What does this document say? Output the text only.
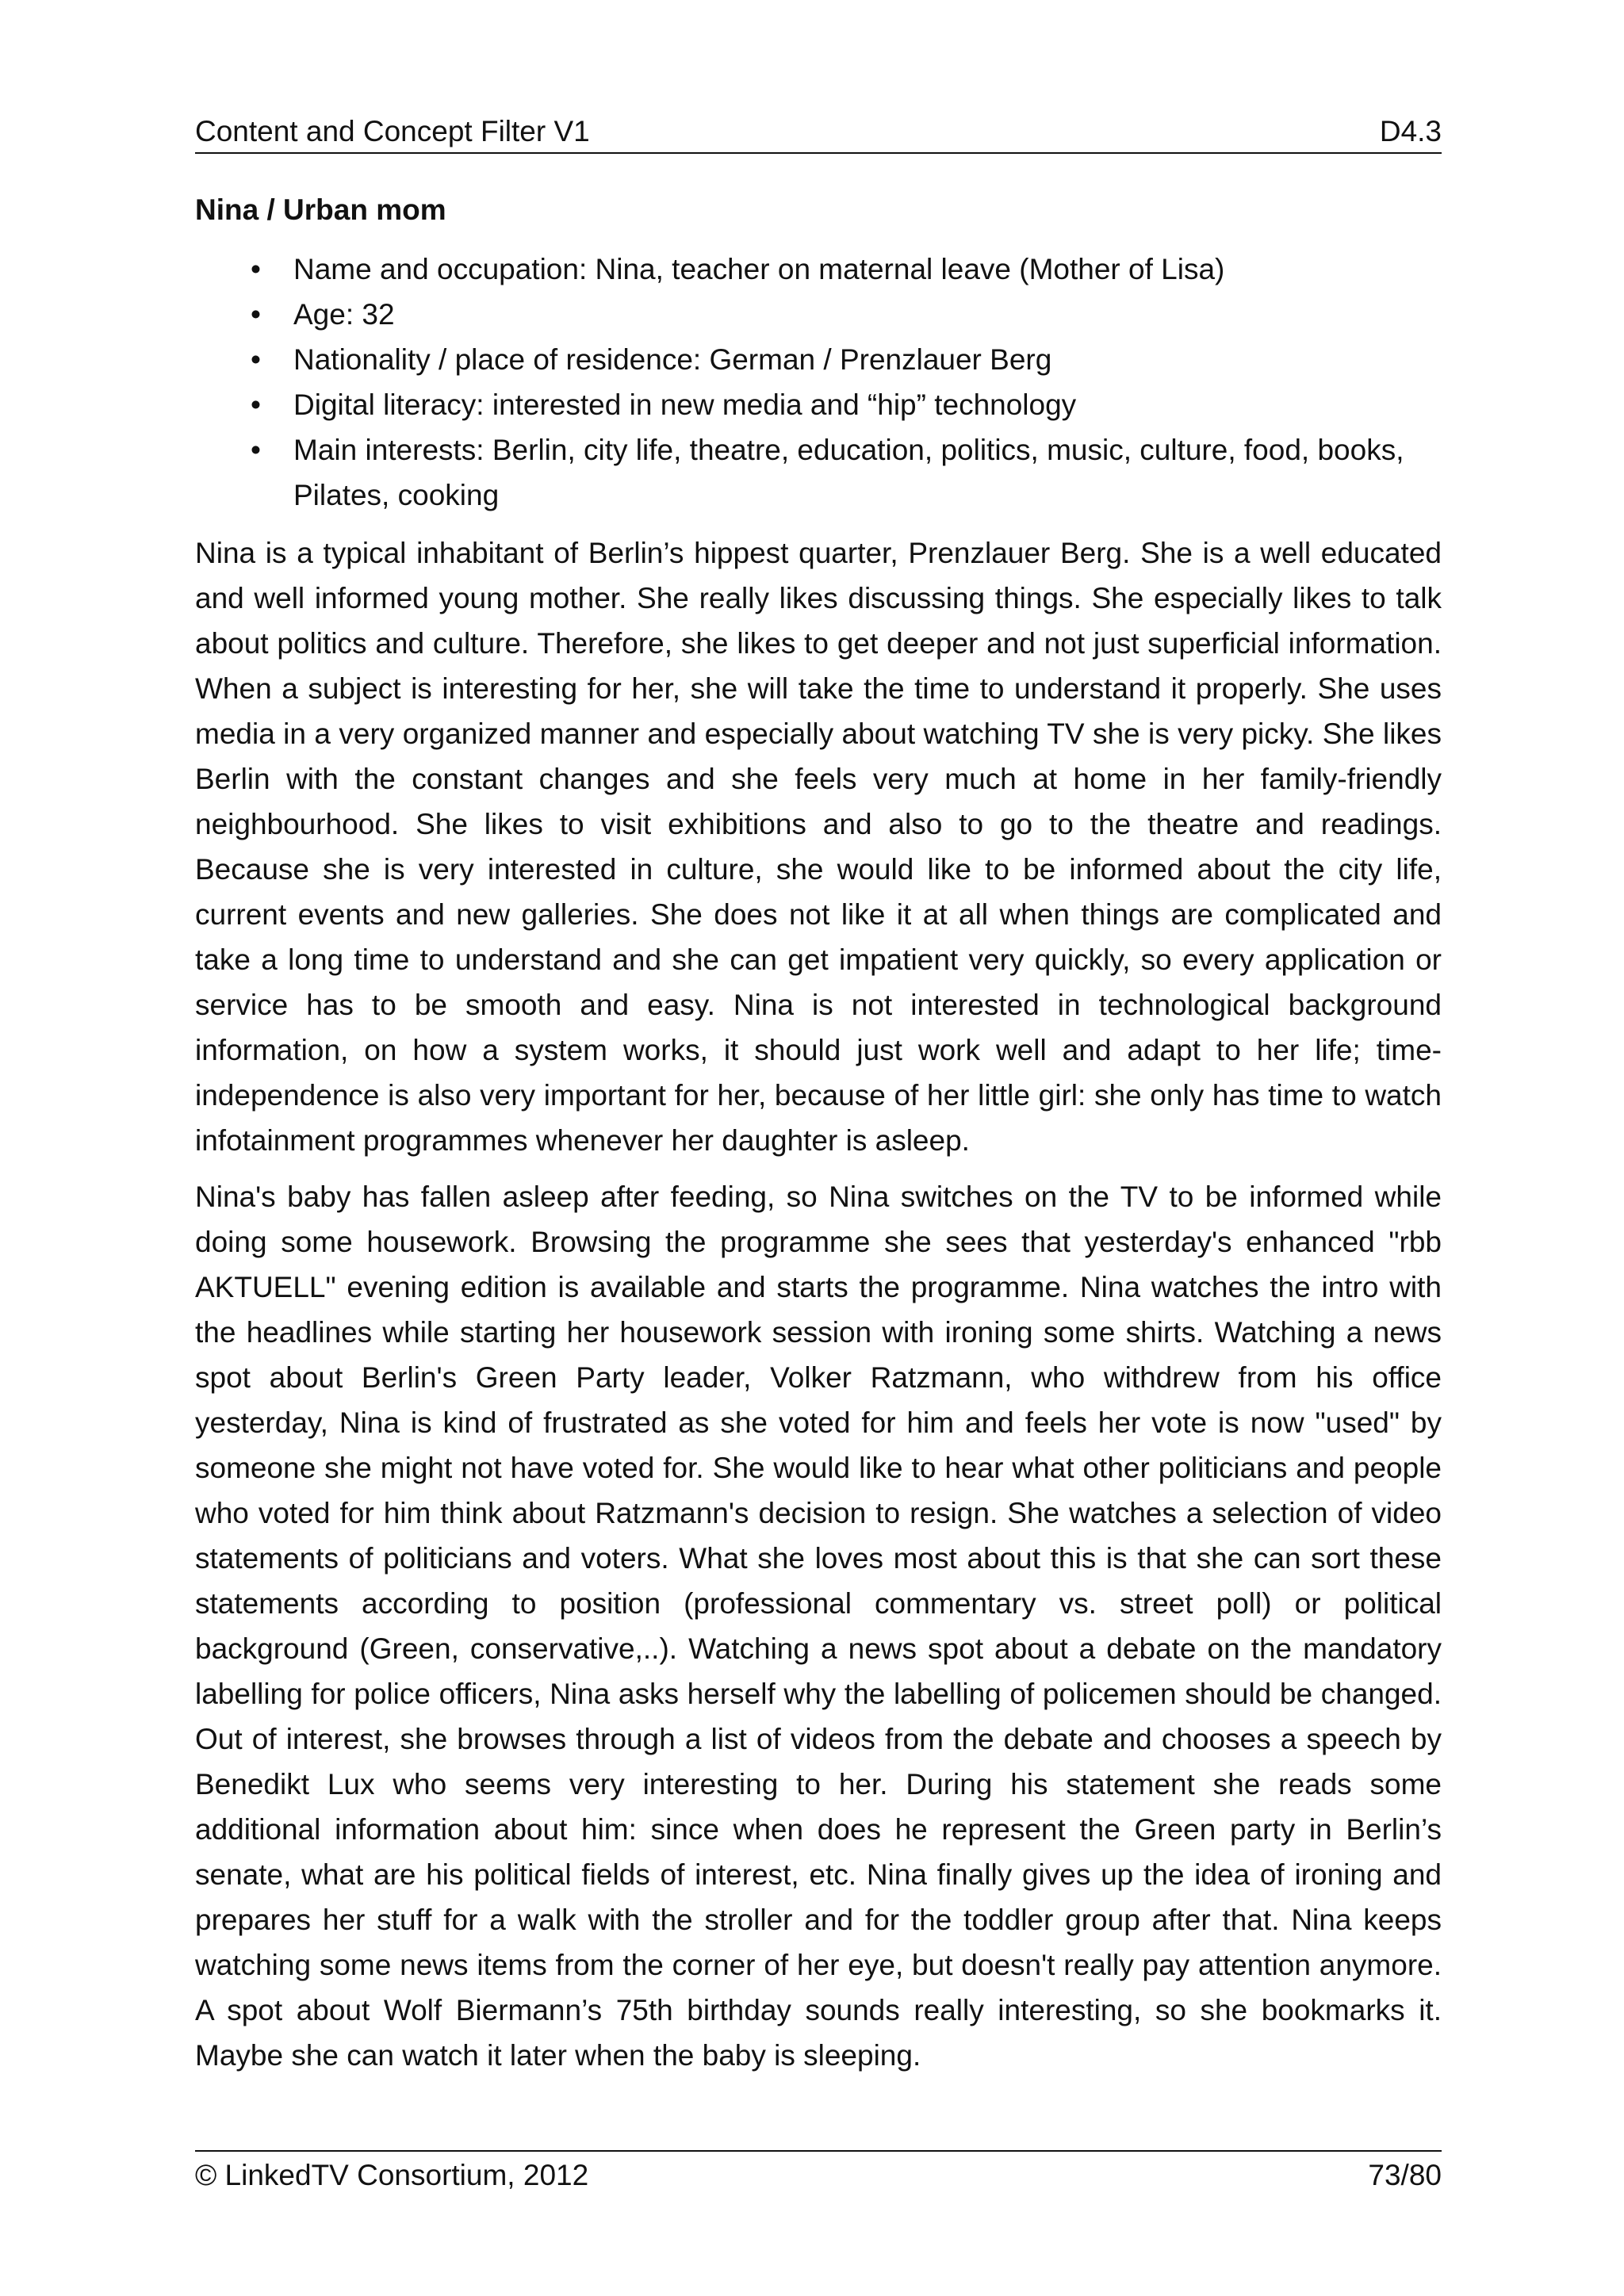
Content and Concept Filter V1	D4.3
Nina / Urban mom
• Name and occupation: Nina, teacher on maternal leave (Mother of Lisa)
• Age: 32
• Nationality / place of residence: German / Prenzlauer Berg
• Digital literacy: interested in new media and “hip” technology
• Main interests: Berlin, city life, theatre, education, politics, music, culture, food, books, Pilates, cooking

Nina is a typical inhabitant of Berlin’s hippest quarter, Prenzlauer Berg. She is a well educated and well informed young mother. She really likes discussing things. She especially likes to talk about politics and culture. Therefore, she likes to get deeper and not just superficial information. When a subject is interesting for her, she will take the time to understand it properly. She uses media in a very organized manner and especially about watching TV she is very picky. She likes Berlin with the constant changes and she feels very much at home in her family-friendly neighbourhood. She likes to visit exhibitions and also to go to the theatre and readings. Because she is very interested in culture, she would like to be informed about the city life, current events and new galleries. She does not like it at all when things are complicated and take a long time to understand and she can get impatient very quickly, so every application or service has to be smooth and easy. Nina is not interested in technological background information, on how a system works, it should just work well and adapt to her life; time-independence is also very important for her, because of her little girl: she only has time to watch infotainment programmes whenever her daughter is asleep.

Nina's baby has fallen asleep after feeding, so Nina switches on the TV to be informed while doing some housework. Browsing the programme she sees that yesterday's enhanced "rbb AKTUELL" evening edition is available and starts the programme. Nina watches the intro with the headlines while starting her housework session with ironing some shirts. Watching a news spot about Berlin's Green Party leader, Volker Ratzmann, who withdrew from his office yesterday, Nina is kind of frustrated as she voted for him and feels her vote is now "used" by someone she might not have voted for. She would like to hear what other politicians and people who voted for him think about Ratzmann's decision to resign. She watches a selection of video statements of politicians and voters. What she loves most about this is that she can sort these statements according to position (professional commentary vs. street poll) or political background (Green, conservative,..). Watching a news spot about a debate on the mandatory labelling for police officers, Nina asks herself why the labelling of policemen should be changed. Out of interest, she browses through a list of videos from the debate and chooses a speech by Benedikt Lux who seems very interesting to her. During his statement she reads some additional information about him: since when does he represent the Green party in Berlin’s senate, what are his political fields of interest, etc. Nina finally gives up the idea of ironing and prepares her stuff for a walk with the stroller and for the toddler group after that. Nina keeps watching some news items from the corner of her eye, but doesn't really pay attention anymore. A spot about Wolf Biermann’s 75th birthday sounds really interesting, so she bookmarks it. Maybe she can watch it later when the baby is sleeping.

© LinkedTV Consortium, 2012	73/80
